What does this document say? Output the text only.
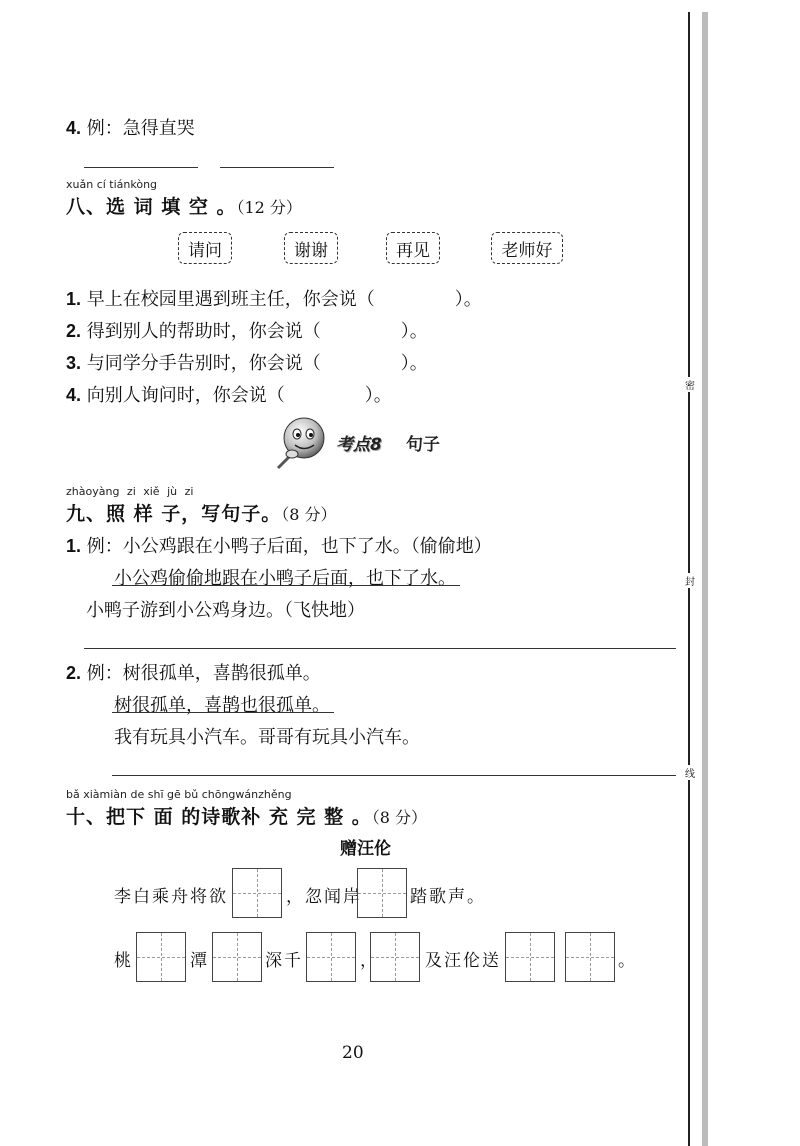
密
封
线
4. 例：急得直哭
xuǎn cí tiánkòng
八、选 词 填 空 。（12 分）
请问	谢谢	再见	老师好
1. 早上在校园里遇到班主任，你会说（	）。
2. 得到别人的帮助时，你会说（	）。
3. 与同学分手告别时，你会说（	）。
4. 向别人询问时，你会说（	）。
考点8 句子
zhàoyàng zi xiě jù zi
九、照 样 子，写句子。（8 分）
1. 例：小公鸡跟在小鸭子后面，也下了水。（偷偷地）
小公鸡偷偷地跟在小鸭子后面，也下了水。
小鸭子游到小公鸡身边。（飞快地）
2. 例：树很孤单，喜鹊很孤单。
树很孤单，喜鹊也很孤单。
我有玩具小汽车。哥哥有玩具小汽车。
bǎ xiàmiàn de shī gē bǔ chōngwánzhěng
十、把下 面 的诗歌补 充 完 整 。（8 分）
赠汪伦
李白乘舟将欲	，忽闻岸	踏歌声。
桃	潭	深千	，	及汪伦送	。
20
